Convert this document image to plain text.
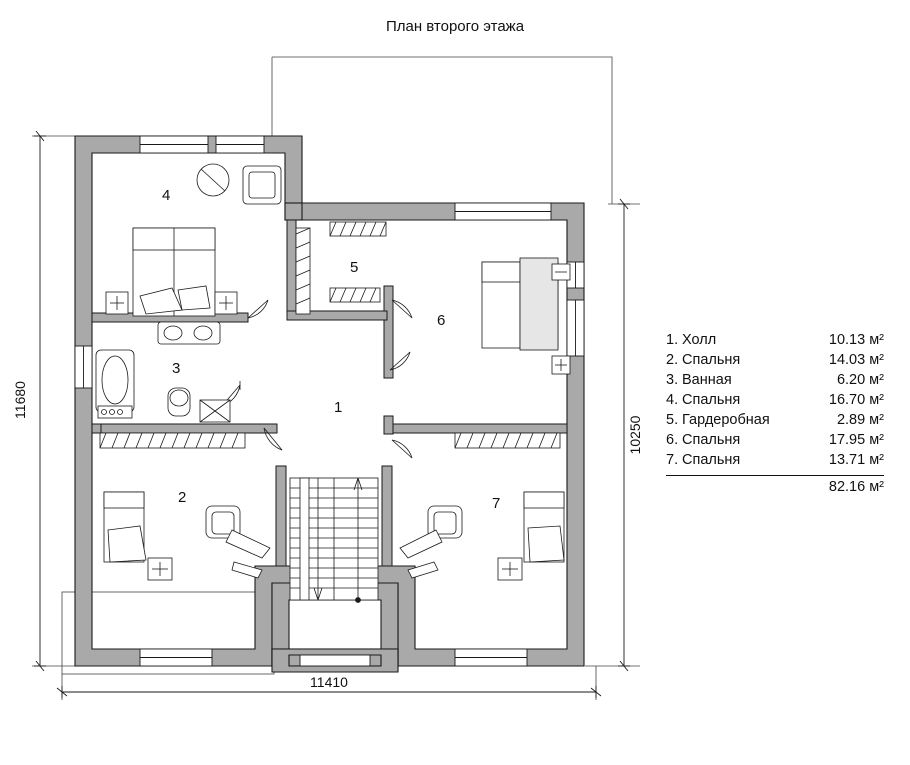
План второго этажа
1
2
3
4
5
6
7
11680
10250
11410
1.	Холл	10.13 м²
2.	Спальня	14.03 м²
3.	Ванная	6.20 м²
4.	Спальня	16.70 м²
5.	Гардеробная	2.89 м²
6.	Спальня	17.95 м²
7.	Спальня	13.71 м²
82.16 м²
